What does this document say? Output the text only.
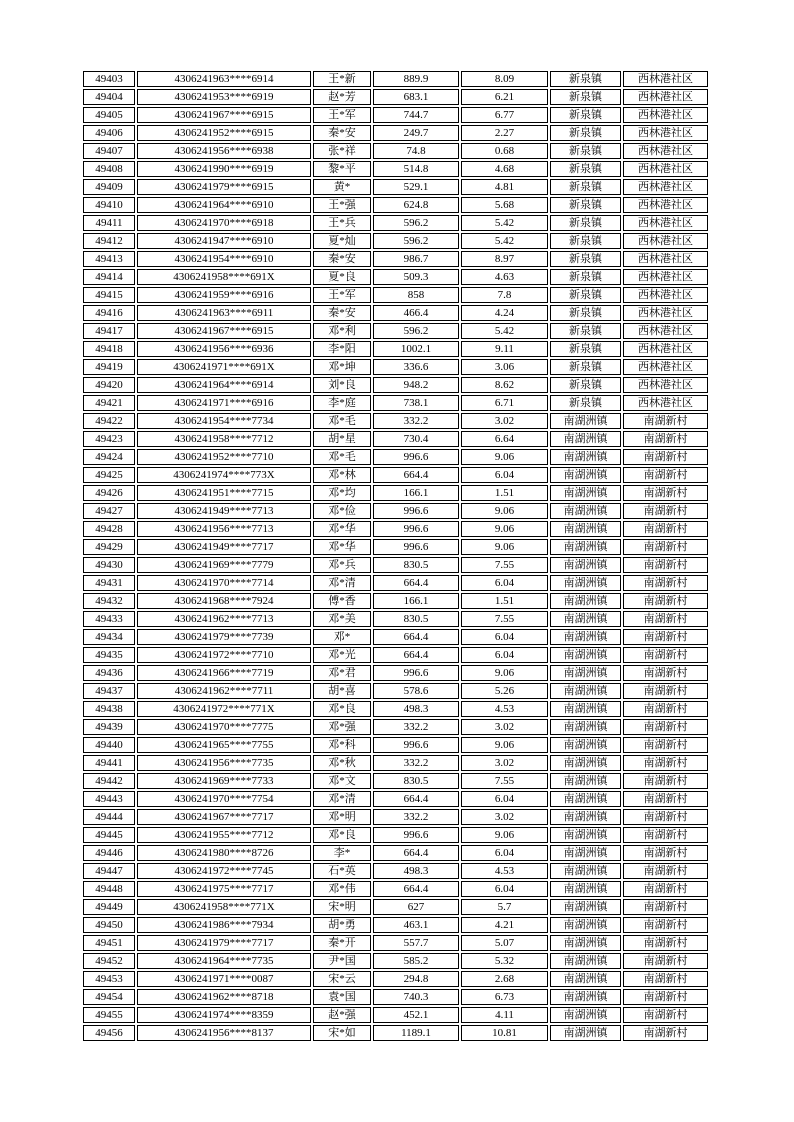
49403	4306241963****6914	王*新	889.9	8.09	新泉镇	西林港社区
49404	4306241953****6919	赵*芳	683.1	6.21	新泉镇	西林港社区
49405	4306241967****6915	王*军	744.7	6.77	新泉镇	西林港社区
49406	4306241952****6915	秦*安	249.7	2.27	新泉镇	西林港社区
49407	4306241956****6938	张*祥	74.8	0.68	新泉镇	西林港社区
49408	4306241990****6919	黎*平	514.8	4.68	新泉镇	西林港社区
49409	4306241979****6915	黄*	529.1	4.81	新泉镇	西林港社区
49410	4306241964****6910	王*强	624.8	5.68	新泉镇	西林港社区
49411	4306241970****6918	王*兵	596.2	5.42	新泉镇	西林港社区
49412	4306241947****6910	夏*灿	596.2	5.42	新泉镇	西林港社区
49413	4306241954****6910	秦*安	986.7	8.97	新泉镇	西林港社区
49414	4306241958****691X	夏*良	509.3	4.63	新泉镇	西林港社区
49415	4306241959****6916	王*军	858	7.8	新泉镇	西林港社区
49416	4306241963****6911	秦*安	466.4	4.24	新泉镇	西林港社区
49417	4306241967****6915	邓*利	596.2	5.42	新泉镇	西林港社区
49418	4306241956****6936	李*阳	1002.1	9.11	新泉镇	西林港社区
49419	4306241971****691X	邓*坤	336.6	3.06	新泉镇	西林港社区
49420	4306241964****6914	刘*良	948.2	8.62	新泉镇	西林港社区
49421	4306241971****6916	李*庭	738.1	6.71	新泉镇	西林港社区
49422	4306241954****7734	邓*毛	332.2	3.02	南湖洲镇	南湖新村
49423	4306241958****7712	胡*星	730.4	6.64	南湖洲镇	南湖新村
49424	4306241952****7710	邓*毛	996.6	9.06	南湖洲镇	南湖新村
49425	4306241974****773X	邓*林	664.4	6.04	南湖洲镇	南湖新村
49426	4306241951****7715	邓*均	166.1	1.51	南湖洲镇	南湖新村
49427	4306241949****7713	邓*俭	996.6	9.06	南湖洲镇	南湖新村
49428	4306241956****7713	邓*华	996.6	9.06	南湖洲镇	南湖新村
49429	4306241949****7717	邓*华	996.6	9.06	南湖洲镇	南湖新村
49430	4306241969****7779	邓*兵	830.5	7.55	南湖洲镇	南湖新村
49431	4306241970****7714	邓*清	664.4	6.04	南湖洲镇	南湖新村
49432	4306241968****7924	傅*香	166.1	1.51	南湖洲镇	南湖新村
49433	4306241962****7713	邓*美	830.5	7.55	南湖洲镇	南湖新村
49434	4306241979****7739	邓*	664.4	6.04	南湖洲镇	南湖新村
49435	4306241972****7710	邓*光	664.4	6.04	南湖洲镇	南湖新村
49436	4306241966****7719	邓*君	996.6	9.06	南湖洲镇	南湖新村
49437	4306241962****7711	胡*喜	578.6	5.26	南湖洲镇	南湖新村
49438	4306241972****771X	邓*良	498.3	4.53	南湖洲镇	南湖新村
49439	4306241970****7775	邓*强	332.2	3.02	南湖洲镇	南湖新村
49440	4306241965****7755	邓*科	996.6	9.06	南湖洲镇	南湖新村
49441	4306241956****7735	邓*秋	332.2	3.02	南湖洲镇	南湖新村
49442	4306241969****7733	邓*文	830.5	7.55	南湖洲镇	南湖新村
49443	4306241970****7754	邓*清	664.4	6.04	南湖洲镇	南湖新村
49444	4306241967****7717	邓*明	332.2	3.02	南湖洲镇	南湖新村
49445	4306241955****7712	邓*良	996.6	9.06	南湖洲镇	南湖新村
49446	4306241980****8726	李*	664.4	6.04	南湖洲镇	南湖新村
49447	4306241972****7745	石*英	498.3	4.53	南湖洲镇	南湖新村
49448	4306241975****7717	邓*伟	664.4	6.04	南湖洲镇	南湖新村
49449	4306241958****771X	宋*明	627	5.7	南湖洲镇	南湖新村
49450	4306241986****7934	胡*勇	463.1	4.21	南湖洲镇	南湖新村
49451	4306241979****7717	秦*开	557.7	5.07	南湖洲镇	南湖新村
49452	4306241964****7735	尹*国	585.2	5.32	南湖洲镇	南湖新村
49453	4306241971****0087	宋*云	294.8	2.68	南湖洲镇	南湖新村
49454	4306241962****8718	袁*国	740.3	6.73	南湖洲镇	南湖新村
49455	4306241974****8359	赵*强	452.1	4.11	南湖洲镇	南湖新村
49456	4306241956****8137	宋*如	1189.1	10.81	南湖洲镇	南湖新村
